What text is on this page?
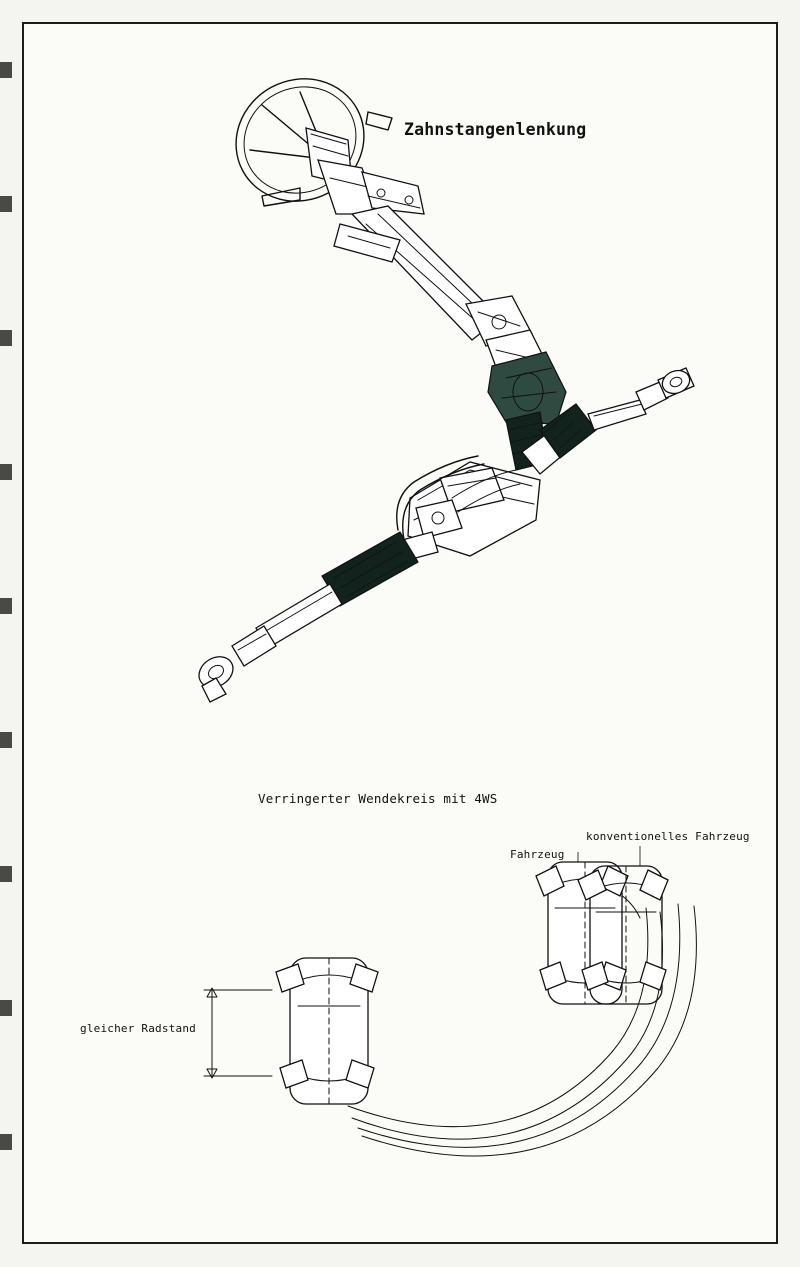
Zahnstangenlenkung
Verringerter Wendekreis mit 4WS
konventionelles Fahrzeug
Fahrzeug
gleicher Radstand
